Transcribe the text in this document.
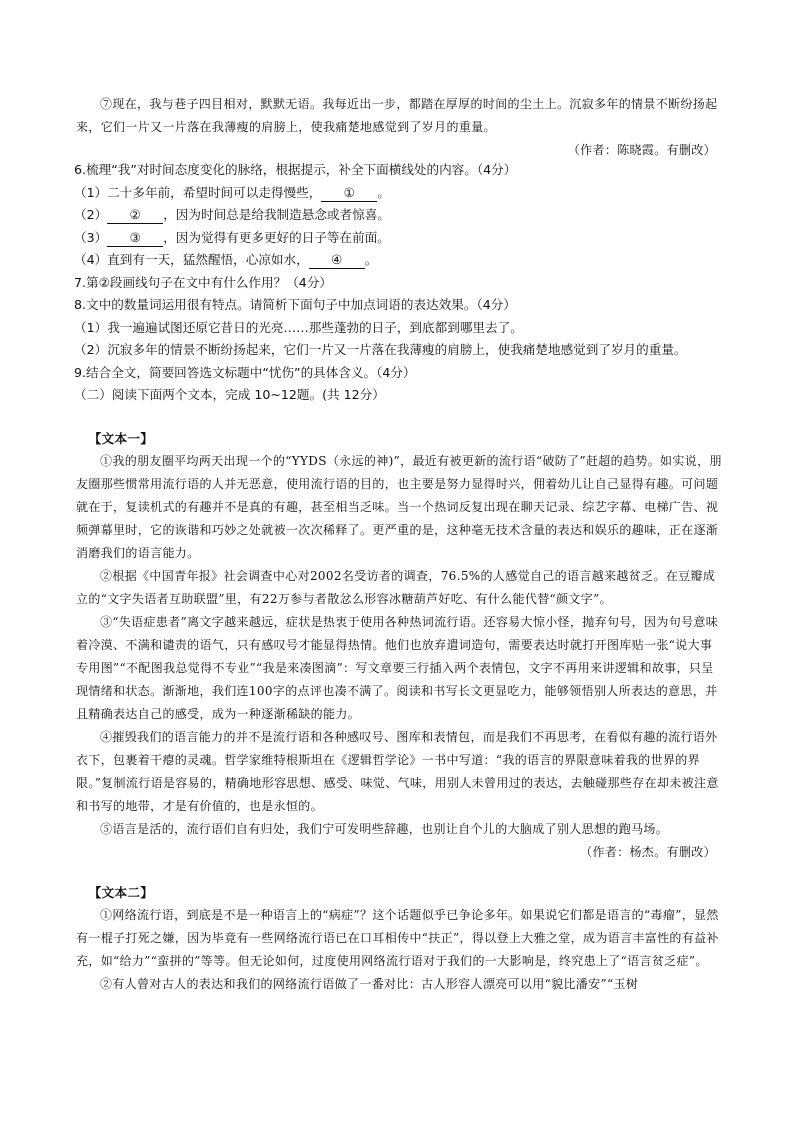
⑦现在，我与巷子四目相对，默默无语。我每近出一步，都踏在厚厚的时间的尘土上。沉寂多年的情景不断纷扬起来，它们一片又一片落在我薄瘦的肩膀上，使我痛楚地感觉到了岁月的重量。

（作者：陈晓霞。有删改）

6.梳理“我”对时间态度变化的脉络，根据提示，补全下面横线处的内容。（4分）

（1）二十多年前，希望时间可以走得慢些， ① 。

（2） ② ，因为时间总是给我制造悬念或者惊喜。

（3） ③ ，因为觉得有更多更好的日子等在前面。

（4）直到有一天，猛然醒悟，心凉如水， ④ 。

7.第②段画线句子在文中有什么作用？（4分）

8.文中的数量词运用很有特点。请简析下面句子中加点词语的表达效果。（4分）

（1）我一遍遍试图还原它昔日的光亮……那些蓬勃的日子，到底都到哪里去了。

（2）沉寂多年的情景不断纷扬起来，它们一片又一片落在我薄瘦的肩膀上，使我痛楚地感觉到了岁月的重量。

9.结合全文，简要回答选文标题中“忧伤”的具体含义。（4分）

（二）阅读下面两个文本，完成 10~12题。(共 12分）

【文本一】

①我的朋友圈平均两天出现一个的“YYDS（永远的神)”，最近有被更新的流行语“破防了”赶超的趋势。如实说，朋友圈那些惯常用流行语的人并无恶意，使用流行语的目的，也主要是努力显得时兴，佣着幼儿让自己显得有趣。可问题就在于，复读机式的有趣并不是真的有趣，甚至相当乏味。当一个热词反复出现在聊天记录、综艺字幕、电梯广告、视频弹幕里时，它的诙谐和巧妙之处就被一次次稀释了。更严重的是，这种毫无技术含量的表达和娱乐的趣味，正在逐渐消磨我们的语言能力。

②根据《中国青年报》社会调查中心对2002名受访者的调查，76.5%的人感觉自己的语言越来越贫乏。在豆瓣成立的“文字失语者互助联盟”里，有22万参与者散忿么形容冰糖葫芦好吃、有什么能代替“颜文字”。

③“失语症患者”离文字越来越远，症状是热衷于使用各种热词流行语。还容易大惊小怪，抛弃句号，因为句号意味着冷漠、不满和谴责的语气，只有感叹号才能显得热情。他们也放弃遣词造句，需要表达时就打开图库贴一张“说大事专用图”“不配图我总觉得不专业”“我是来凑图滴”：写文章要三行插入两个表情包，文字不再用来讲逻辑和故事，只呈现情绪和状态。渐渐地，我们连100字的点评也凑不满了。阅读和书写长文更显吃力，能够领悟别人所表达的意思，并且精确表达自己的感受，成为一种逐渐稀缺的能力。

④摧毁我们的语言能力的并不是流行语和各种感叹号、图库和表情包，而是我们不再思考，在看似有趣的流行语外衣下，包裹着干瘪的灵魂。哲学家维特根斯坦在《逻辑哲学论》一书中写道：“我的语言的界限意味着我的世界的界限。”复制流行语是容易的，精确地形容思想、感受、味觉、气味，用别人未曾用过的表达，去触碰那些存在却未被注意和书写的地带，才是有价值的，也是永恒的。

⑤语言是活的，流行语们自有归处，我们宁可发明些辞趣，也别让自个儿的大脑成了别人思想的跑马场。

（作者：杨杰。有删改）

【文本二】

①网络流行语，到底是不是一种语言上的“病症”？这个话题似乎已争论多年。如果说它们都是语言的“毒瘤”，显然有一棍子打死之嫌，因为毕竟有一些网络流行语已在口耳相传中“扶正”，得以登上大雅之堂，成为语言丰富性的有益补充，如“给力”“蛮拼的”等等。但无论如何，过度使用网络流行语对于我们的一大影响是，终究患上了“语言贫乏症”。

②有人曾对古人的表达和我们的网络流行语做了一番对比：古人形容人漂亮可以用“貌比潘安”“玉树
